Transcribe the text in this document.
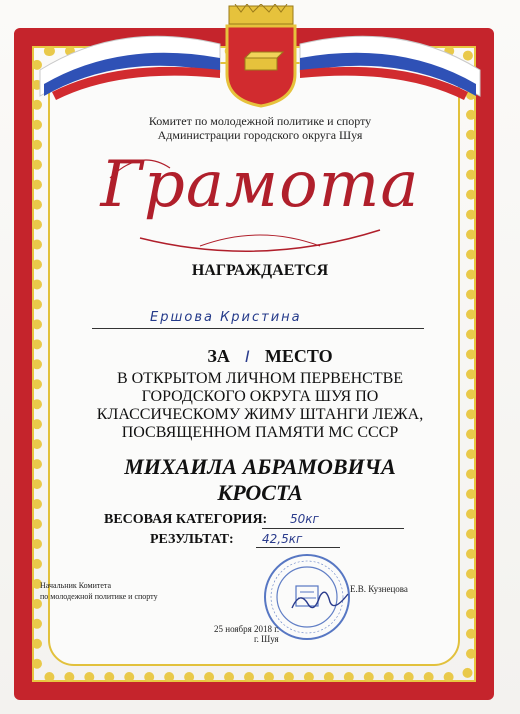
Комитет по молодежной политике и спорту
Администрации городского округа Шуя
Грамота
НАГРАЖДАЕТСЯ
Ершова Кристина
ЗА I МЕСТО
В ОТКРЫТОМ ЛИЧНОМ ПЕРВЕНСТВЕ
ГОРОДСКОГО ОКРУГА ШУЯ ПО
КЛАССИЧЕСКОМУ ЖИМУ ШТАНГИ ЛЕЖА,
ПОСВЯЩЕННОМ ПАМЯТИ МС СССР
МИХАИЛА АБРАМОВИЧА
КРОСТА
ВЕСОВАЯ КАТЕГОРИЯ: 50кг
РЕЗУЛЬТАТ: 42,5кг
Начальник Комитета
по молодежной политике и спорту
Е.В. Кузнецова
25 ноября 2018 г.
г. Шуя
